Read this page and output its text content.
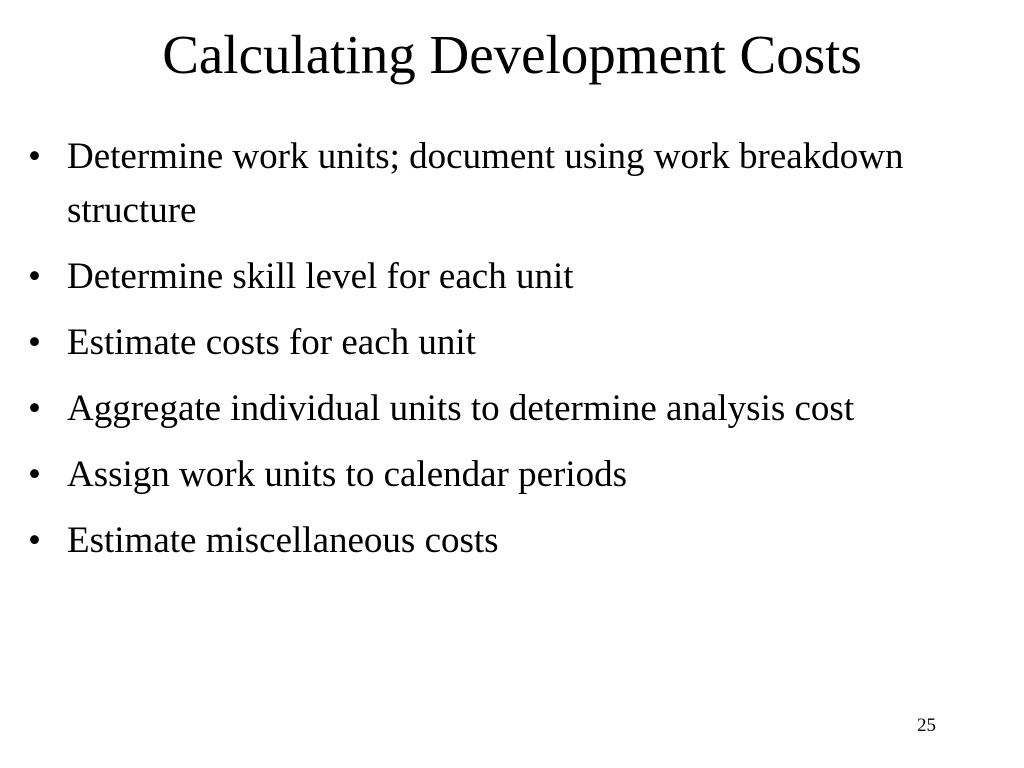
Calculating Development Costs
• Determine work units; document using work breakdown structure
• Determine skill level for each unit
• Estimate costs for each unit
• Aggregate individual units to determine analysis cost
• Assign work units to calendar periods
• Estimate miscellaneous costs
25
